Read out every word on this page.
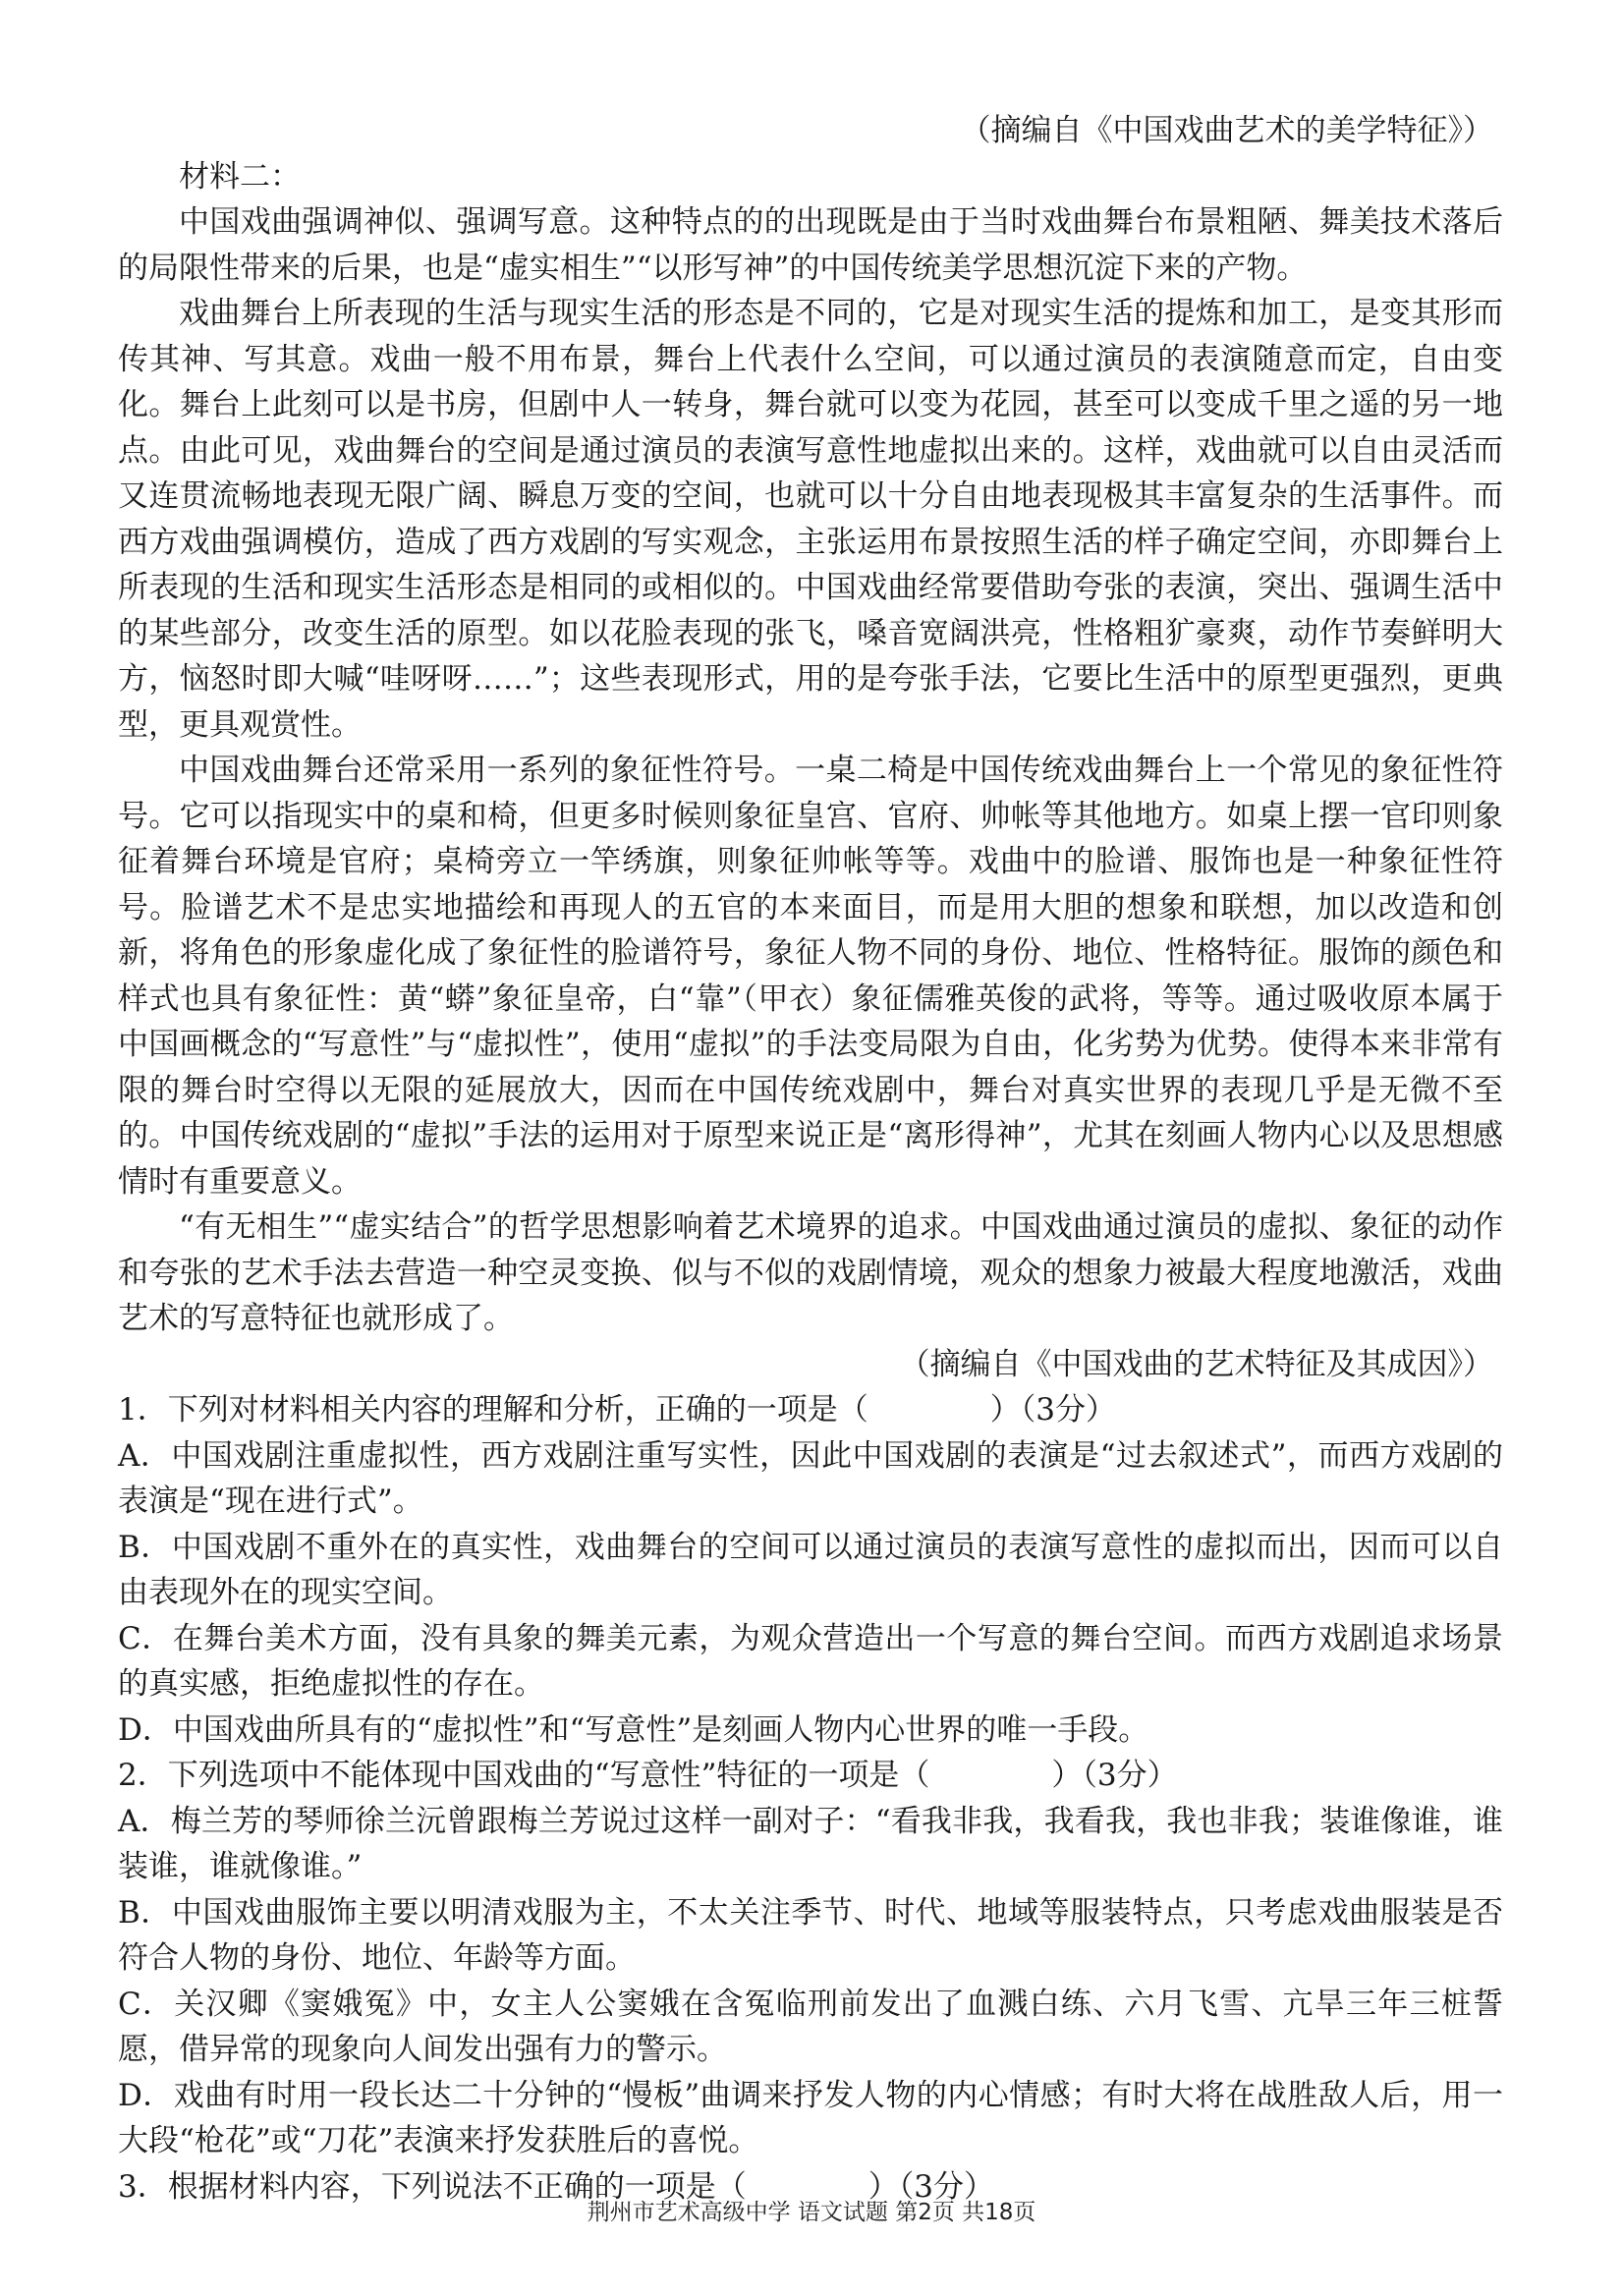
（摘编自《中国戏曲艺术的美学特征》）
材料二：

中国戏曲强调神似、强调写意。这种特点的的出现既是由于当时戏曲舞台布景粗陋、舞美技术落后的局限性带来的后果，也是“虚实相生”“以形写神”的中国传统美学思想沉淀下来的产物。

戏曲舞台上所表现的生活与现实生活的形态是不同的，它是对现实生活的提炼和加工，是变其形而传其神、写其意。戏曲一般不用布景，舞台上代表什么空间，可以通过演员的表演随意而定，自由变化。舞台上此刻可以是书房，但剧中人一转身，舞台就可以变为花园，甚至可以变成千里之遥的另一地点。由此可见，戏曲舞台的空间是通过演员的表演写意性地虚拟出来的。这样，戏曲就可以自由灵活而又连贯流畅地表现无限广阔、瞬息万变的空间，也就可以十分自由地表现极其丰富复杂的生活事件。而西方戏曲强调模仿，造成了西方戏剧的写实观念，主张运用布景按照生活的样子确定空间，亦即舞台上所表现的生活和现实生活形态是相同的或相似的。中国戏曲经常要借助夸张的表演，突出、强调生活中的某些部分，改变生活的原型。如以花脸表现的张飞，嗓音宽阔洪亮，性格粗犷豪爽，动作节奏鲜明大方，恼怒时即大喊“哇呀呀……”；这些表现形式，用的是夸张手法，它要比生活中的原型更强烈，更典型，更具观赏性。

中国戏曲舞台还常采用一系列的象征性符号。一桌二椅是中国传统戏曲舞台上一个常见的象征性符号。它可以指现实中的桌和椅，但更多时候则象征皇宫、官府、帅帐等其他地方。如桌上摆一官印则象征着舞台环境是官府；桌椅旁立一竿绣旗，则象征帅帐等等。戏曲中的脸谱、服饰也是一种象征性符号。脸谱艺术不是忠实地描绘和再现人的五官的本来面目，而是用大胆的想象和联想，加以改造和创新，将角色的形象虚化成了象征性的脸谱符号，象征人物不同的身份、地位、性格特征。服饰的颜色和样式也具有象征性：黄“蟒”象征皇帝，白“靠”（甲衣）象征儒雅英俊的武将，等等。通过吸收原本属于中国画概念的“写意性”与“虚拟性”，使用“虚拟”的手法变局限为自由，化劣势为优势。使得本来非常有限的舞台时空得以无限的延展放大，因而在中国传统戏剧中，舞台对真实世界的表现几乎是无微不至的。中国传统戏剧的“虚拟”手法的运用对于原型来说正是“离形得神”，尤其在刻画人物内心以及思想感情时有重要意义。

“有无相生”“虚实结合”的哲学思想影响着艺术境界的追求。中国戏曲通过演员的虚拟、象征的动作和夸张的艺术手法去营造一种空灵变换、似与不似的戏剧情境，观众的想象力被最大程度地激活，戏曲艺术的写意特征也就形成了。

（摘编自《中国戏曲的艺术特征及其成因》）

1．下列对材料相关内容的理解和分析，正确的一项是（　　　　）（3分）

A．中国戏剧注重虚拟性，西方戏剧注重写实性，因此中国戏剧的表演是“过去叙述式”，而西方戏剧的表演是“现在进行式”。

B．中国戏剧不重外在的真实性，戏曲舞台的空间可以通过演员的表演写意性的虚拟而出，因而可以自由表现外在的现实空间。

C．在舞台美术方面，没有具象的舞美元素，为观众营造出一个写意的舞台空间。而西方戏剧追求场景的真实感，拒绝虚拟性的存在。

D．中国戏曲所具有的“虚拟性”和“写意性”是刻画人物内心世界的唯一手段。

2．下列选项中不能体现中国戏曲的“写意性”特征的一项是（　　　　）（3分）

A．梅兰芳的琴师徐兰沅曾跟梅兰芳说过这样一副对子：“看我非我，我看我，我也非我；装谁像谁，谁装谁，谁就像谁。”

B．中国戏曲服饰主要以明清戏服为主，不太关注季节、时代、地域等服装特点，只考虑戏曲服装是否符合人物的身份、地位、年龄等方面。

C．关汉卿《窦娥冤》中，女主人公窦娥在含冤临刑前发出了血溅白练、六月飞雪、亢旱三年三桩誓愿，借异常的现象向人间发出强有力的警示。

D．戏曲有时用一段长达二十分钟的“慢板”曲调来抒发人物的内心情感；有时大将在战胜敌人后，用一大段“枪花”或“刀花”表演来抒发获胜后的喜悦。

3．根据材料内容，下列说法不正确的一项是（　　　　）（3分）

荆州市艺术高级中学 语文试题 第2页 共18页
